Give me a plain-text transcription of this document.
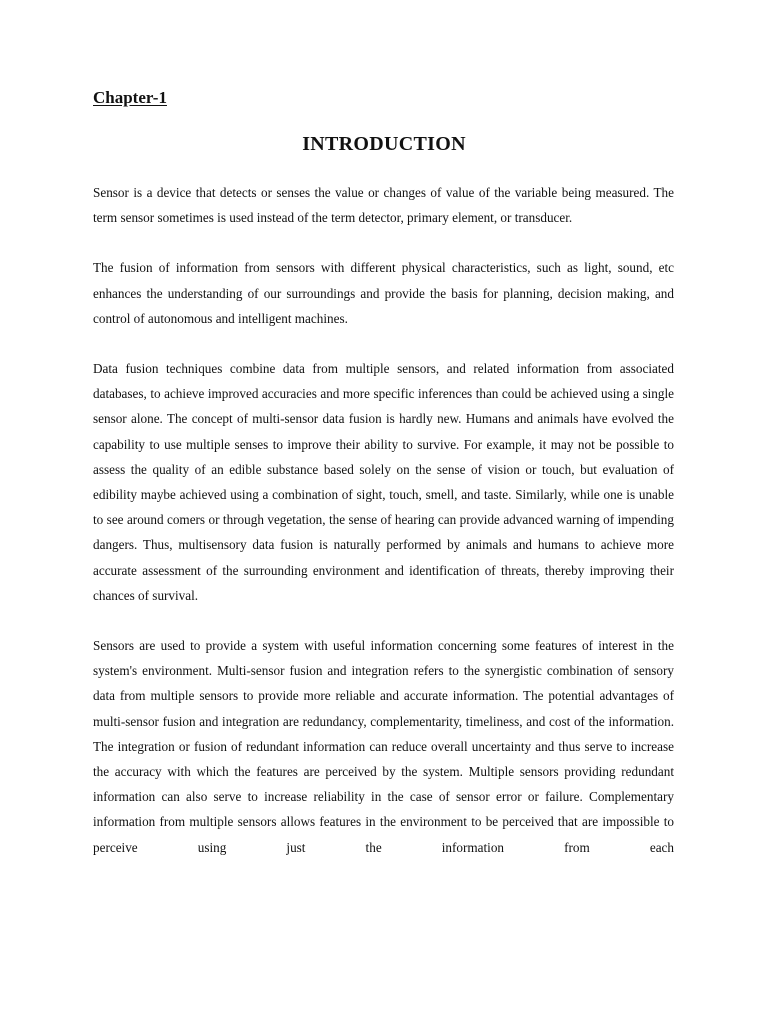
Chapter-1
INTRODUCTION

Sensor is a device that detects or senses the value or changes of value of the variable being measured. The term sensor sometimes is used instead of the term detector, primary element, or transducer.

The fusion of information from sensors with different physical characteristics, such as light, sound, etc enhances the understanding of our surroundings and provide the basis for planning, decision making, and control of autonomous and intelligent machines.

Data fusion techniques combine data from multiple sensors, and related information from associated databases, to achieve improved accuracies and more specific inferences than could be achieved using a single sensor alone. The concept of multi-sensor data fusion is hardly new. Humans and animals have evolved the capability to use multiple senses to improve their ability to survive. For example, it may not be possible to assess the quality of an edible substance based solely on the sense of vision or touch, but evaluation of edibility maybe achieved using a combination of sight, touch, smell, and taste. Similarly, while one is unable to see around comers or through vegetation, the sense of hearing can provide advanced warning of impending dangers. Thus, multisensory data fusion is naturally performed by animals and humans to achieve more accurate assessment of the surrounding environment and identification of threats, thereby improving their chances of survival.

Sensors are used to provide a system with useful information concerning some features of interest in the system's environment. Multi-sensor fusion and integration refers to the synergistic combination of sensory data from multiple sensors to provide more reliable and accurate information. The potential advantages of multi-sensor fusion and integration are redundancy, complementarity, timeliness, and cost of the information. The integration or fusion of redundant information can reduce overall uncertainty and thus serve to increase the accuracy with which the features are perceived by the system. Multiple sensors providing redundant information can also serve to increase reliability in the case of sensor error or failure. Complementary information from multiple sensors allows features in the environment to be perceived that are impossible to perceive using just the information from each
